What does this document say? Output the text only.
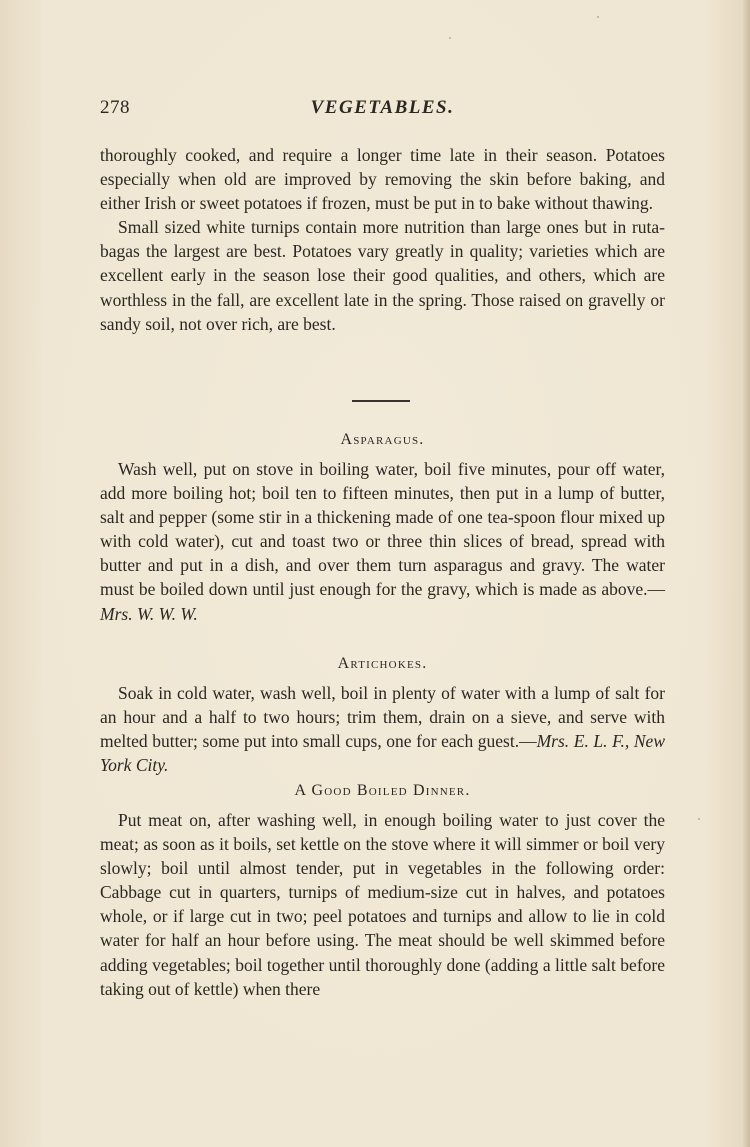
278	VEGETABLES.

thoroughly cooked, and require a longer time late in their season. Potatoes especially when old are improved by removing the skin before baking, and either Irish or sweet potatoes if frozen, must be put in to bake without thawing.

Small sized white turnips contain more nutrition than large ones but in ruta-bagas the largest are best. Potatoes vary greatly in quality; varieties which are excellent early in the season lose their good qualities, and others, which are worthless in the fall, are excellent late in the spring. Those raised on gravelly or sandy soil, not over rich, are best.

Asparagus.

Wash well, put on stove in boiling water, boil five minutes, pour off water, add more boiling hot; boil ten to fifteen minutes, then put in a lump of butter, salt and pepper (some stir in a thickening made of one tea-spoon flour mixed up with cold water), cut and toast two or three thin slices of bread, spread with butter and put in a dish, and over them turn asparagus and gravy. The water must be boiled down until just enough for the gravy, which is made as above.—Mrs. W. W. W.

Artichokes.

Soak in cold water, wash well, boil in plenty of water with a lump of salt for an hour and a half to two hours; trim them, drain on a sieve, and serve with melted butter; some put into small cups, one for each guest.—Mrs. E. L. F., New York City.

A Good Boiled Dinner.

Put meat on, after washing well, in enough boiling water to just cover the meat; as soon as it boils, set kettle on the stove where it will simmer or boil very slowly; boil until almost tender, put in vegetables in the following order: Cabbage cut in quarters, turnips of medium-size cut in halves, and potatoes whole, or if large cut in two; peel potatoes and turnips and allow to lie in cold water for half an hour before using. The meat should be well skimmed before adding vegetables; boil together until thoroughly done (adding a little salt before taking out of kettle) when there
